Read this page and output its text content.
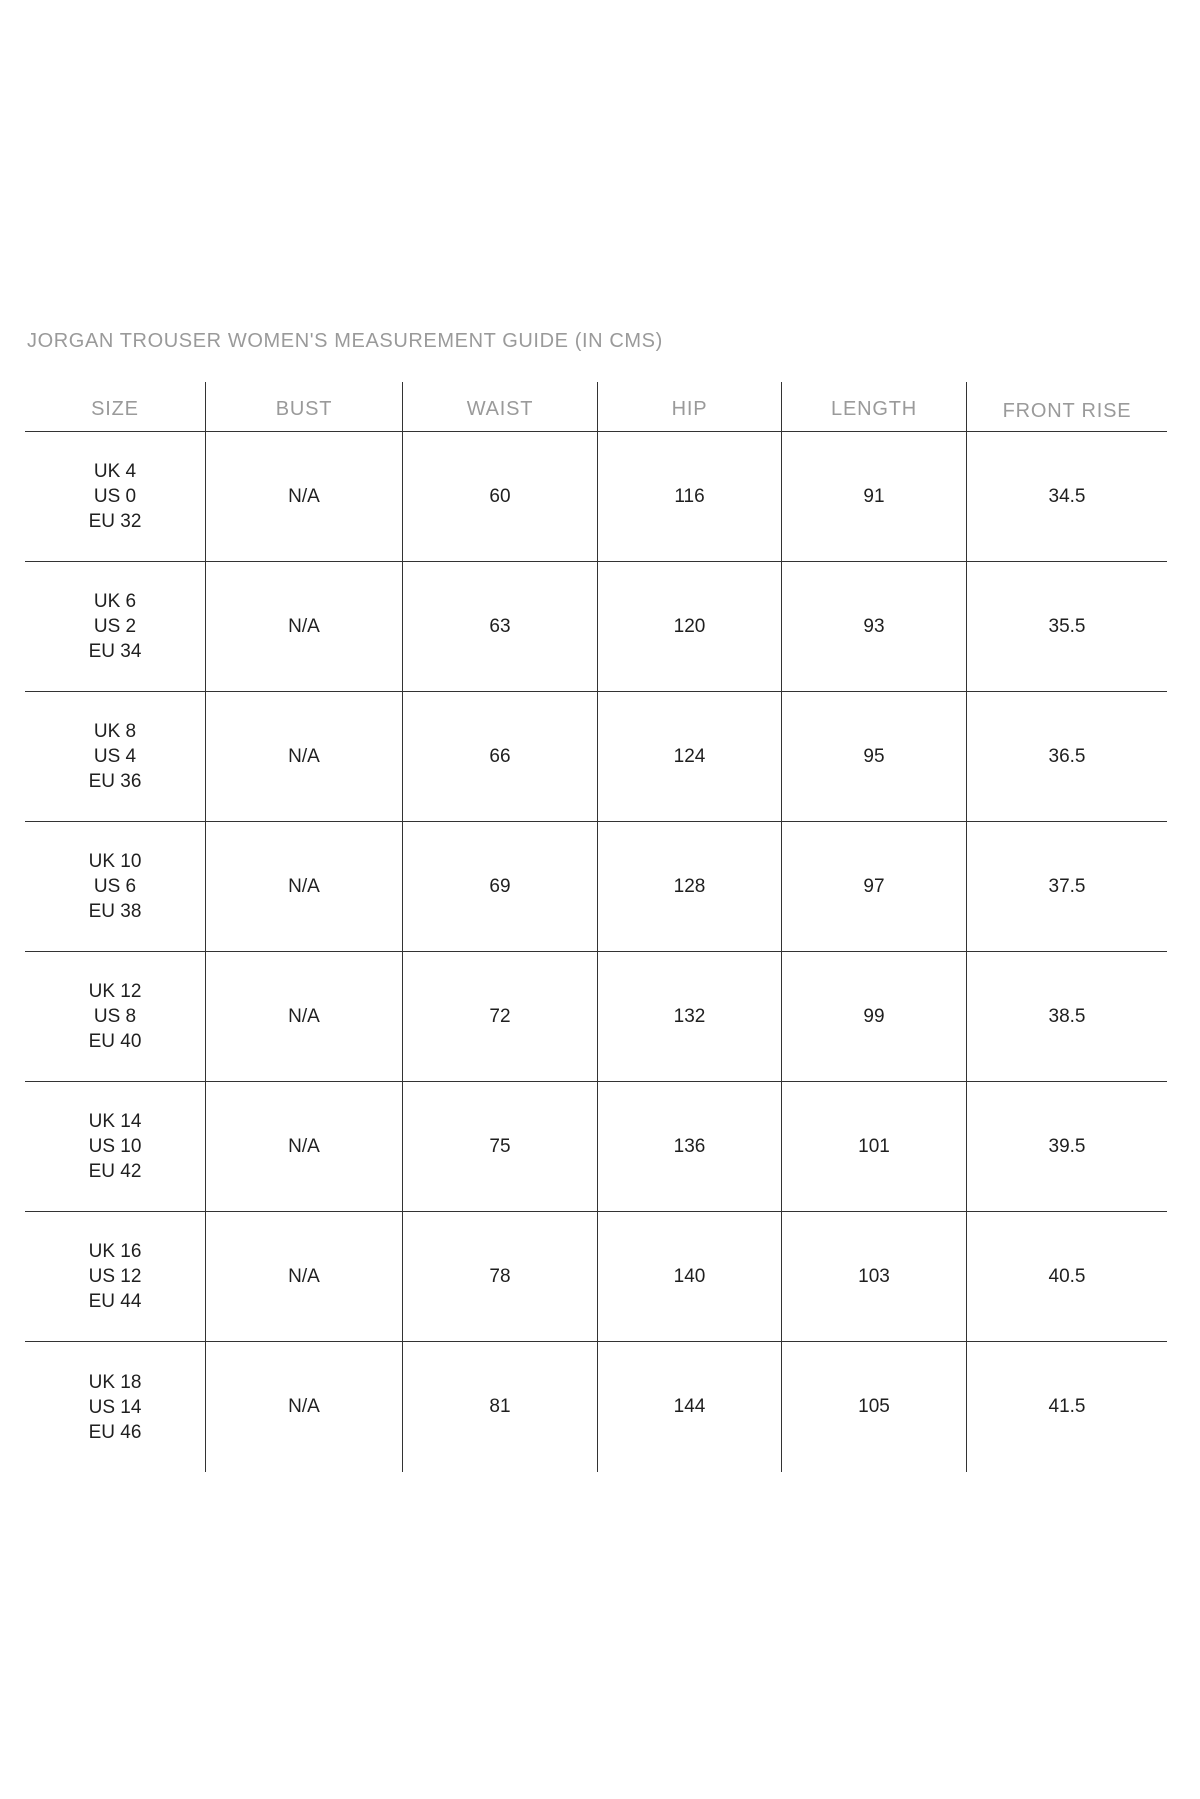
JORGAN TROUSER WOMEN'S MEASUREMENT GUIDE (IN CMS)
SIZE	BUST	WAIST	HIP	LENGTH	FRONT RISE
UK 4
US 0
EU 32
N/A	60	116	91	34.5
UK 6
US 2
EU 34
N/A	63	120	93	35.5
UK 8
US 4
EU 36
N/A	66	124	95	36.5
UK 10
US 6
EU 38
N/A	69	128	97	37.5
UK 12
US 8
EU 40
N/A	72	132	99	38.5
UK 14
US 10
EU 42
N/A	75	136	101	39.5
UK 16
US 12
EU 44
N/A	78	140	103	40.5
UK 18
US 14
EU 46
N/A	81	144	105	41.5
